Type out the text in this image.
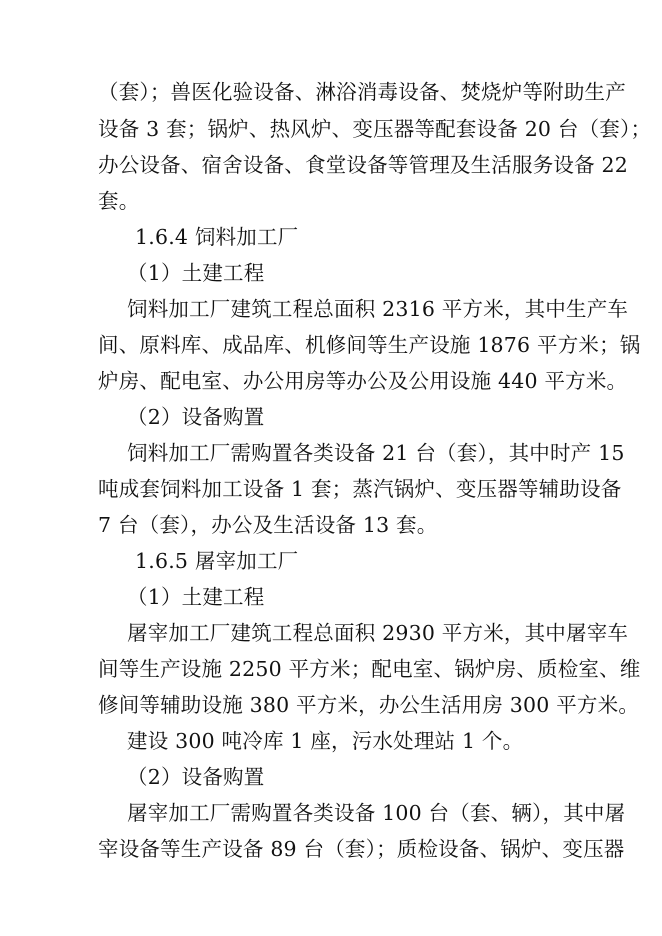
（套）；兽医化验设备、淋浴消毒设备、焚烧炉等附助生产
设备 3 套；锅炉、热风炉、变压器等配套设备 20 台（套）；
办公设备、宿舍设备、食堂设备等管理及生活服务设备 22
套。
1.6.4 饲料加工厂
（1）土建工程
饲料加工厂建筑工程总面积 2316 平方米，其中生产车
间、原料库、成品库、机修间等生产设施 1876 平方米；锅
炉房、配电室、办公用房等办公及公用设施 440 平方米。
（2）设备购置
饲料加工厂需购置各类设备 21 台（套），其中时产 15
吨成套饲料加工设备 1 套；蒸汽锅炉、变压器等辅助设备
7 台（套），办公及生活设备 13 套。
1.6.5 屠宰加工厂
（1）土建工程
屠宰加工厂建筑工程总面积 2930 平方米，其中屠宰车
间等生产设施 2250 平方米；配电室、锅炉房、质检室、维
修间等辅助设施 380 平方米，办公生活用房 300 平方米。
建设 300 吨冷库 1 座，污水处理站 1 个。
（2）设备购置
屠宰加工厂需购置各类设备 100 台（套、辆），其中屠
宰设备等生产设备 89 台（套）；质检设备、锅炉、变压器
